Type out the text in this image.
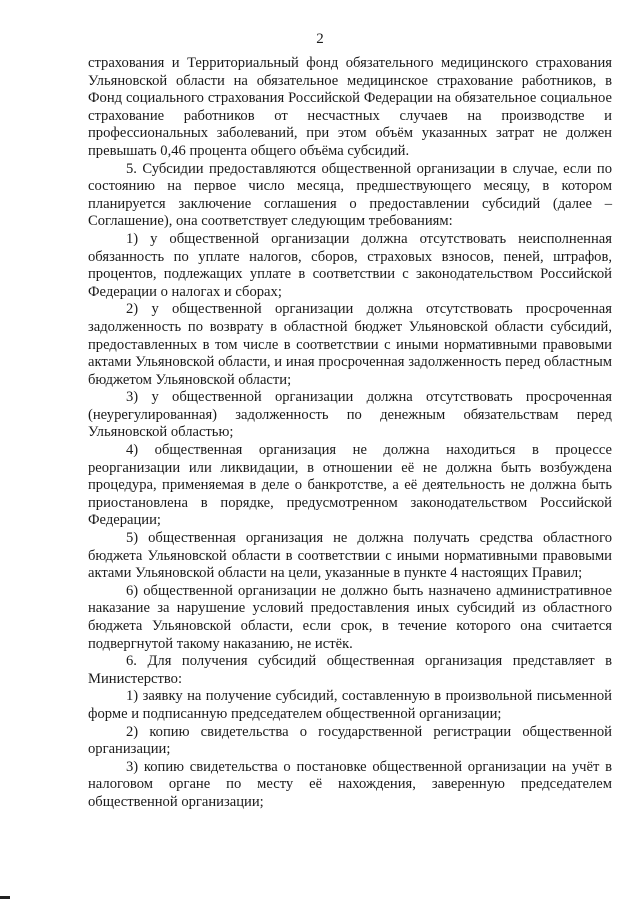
2

страхования и Территориальный фонд обязательного медицинского страхования Ульяновской области на обязательное медицинское страхование работников, в Фонд социального страхования Российской Федерации на обязательное социальное страхование работников от несчастных случаев на производстве и профессиональных заболеваний, при этом объём указанных затрат не должен превышать 0,46 процента общего объёма субсидий.

5. Субсидии предоставляются общественной организации в случае, если по состоянию на первое число месяца, предшествующего месяцу, в котором планируется заключение соглашения о предоставлении субсидий (далее – Соглашение), она соответствует следующим требованиям:

1) у общественной организации должна отсутствовать неисполненная обязанность по уплате налогов, сборов, страховых взносов, пеней, штрафов, процентов, подлежащих уплате в соответствии с законодательством Российской Федерации о налогах и сборах;

2) у общественной организации должна отсутствовать просроченная задолженность по возврату в областной бюджет Ульяновской области субсидий, предоставленных в том числе в соответствии с иными нормативными правовыми актами Ульяновской области, и иная просроченная задолженность перед областным бюджетом Ульяновской области;

3) у общественной организации должна отсутствовать просроченная (неурегулированная) задолженность по денежным обязательствам перед Ульяновской областью;

4) общественная организация не должна находиться в процессе реорганизации или ликвидации, в отношении её не должна быть возбуждена процедура, применяемая в деле о банкротстве, а её деятельность не должна быть приостановлена в порядке, предусмотренном законодательством Российской Федерации;

5) общественная организация не должна получать средства областного бюджета Ульяновской области в соответствии с иными нормативными правовыми актами Ульяновской области на цели, указанные в пункте 4 настоящих Правил;

6) общественной организации не должно быть назначено административное наказание за нарушение условий предоставления иных субсидий из областного бюджета Ульяновской области, если срок, в течение которого она считается подвергнутой такому наказанию, не истёк.

6. Для получения субсидий общественная организация представляет в Министерство:

1) заявку на получение субсидий, составленную в произвольной письменной форме и подписанную председателем общественной организации;

2) копию свидетельства о государственной регистрации общественной организации;

3) копию свидетельства о постановке общественной организации на учёт в налоговом органе по месту её нахождения, заверенную председателем общественной организации;
